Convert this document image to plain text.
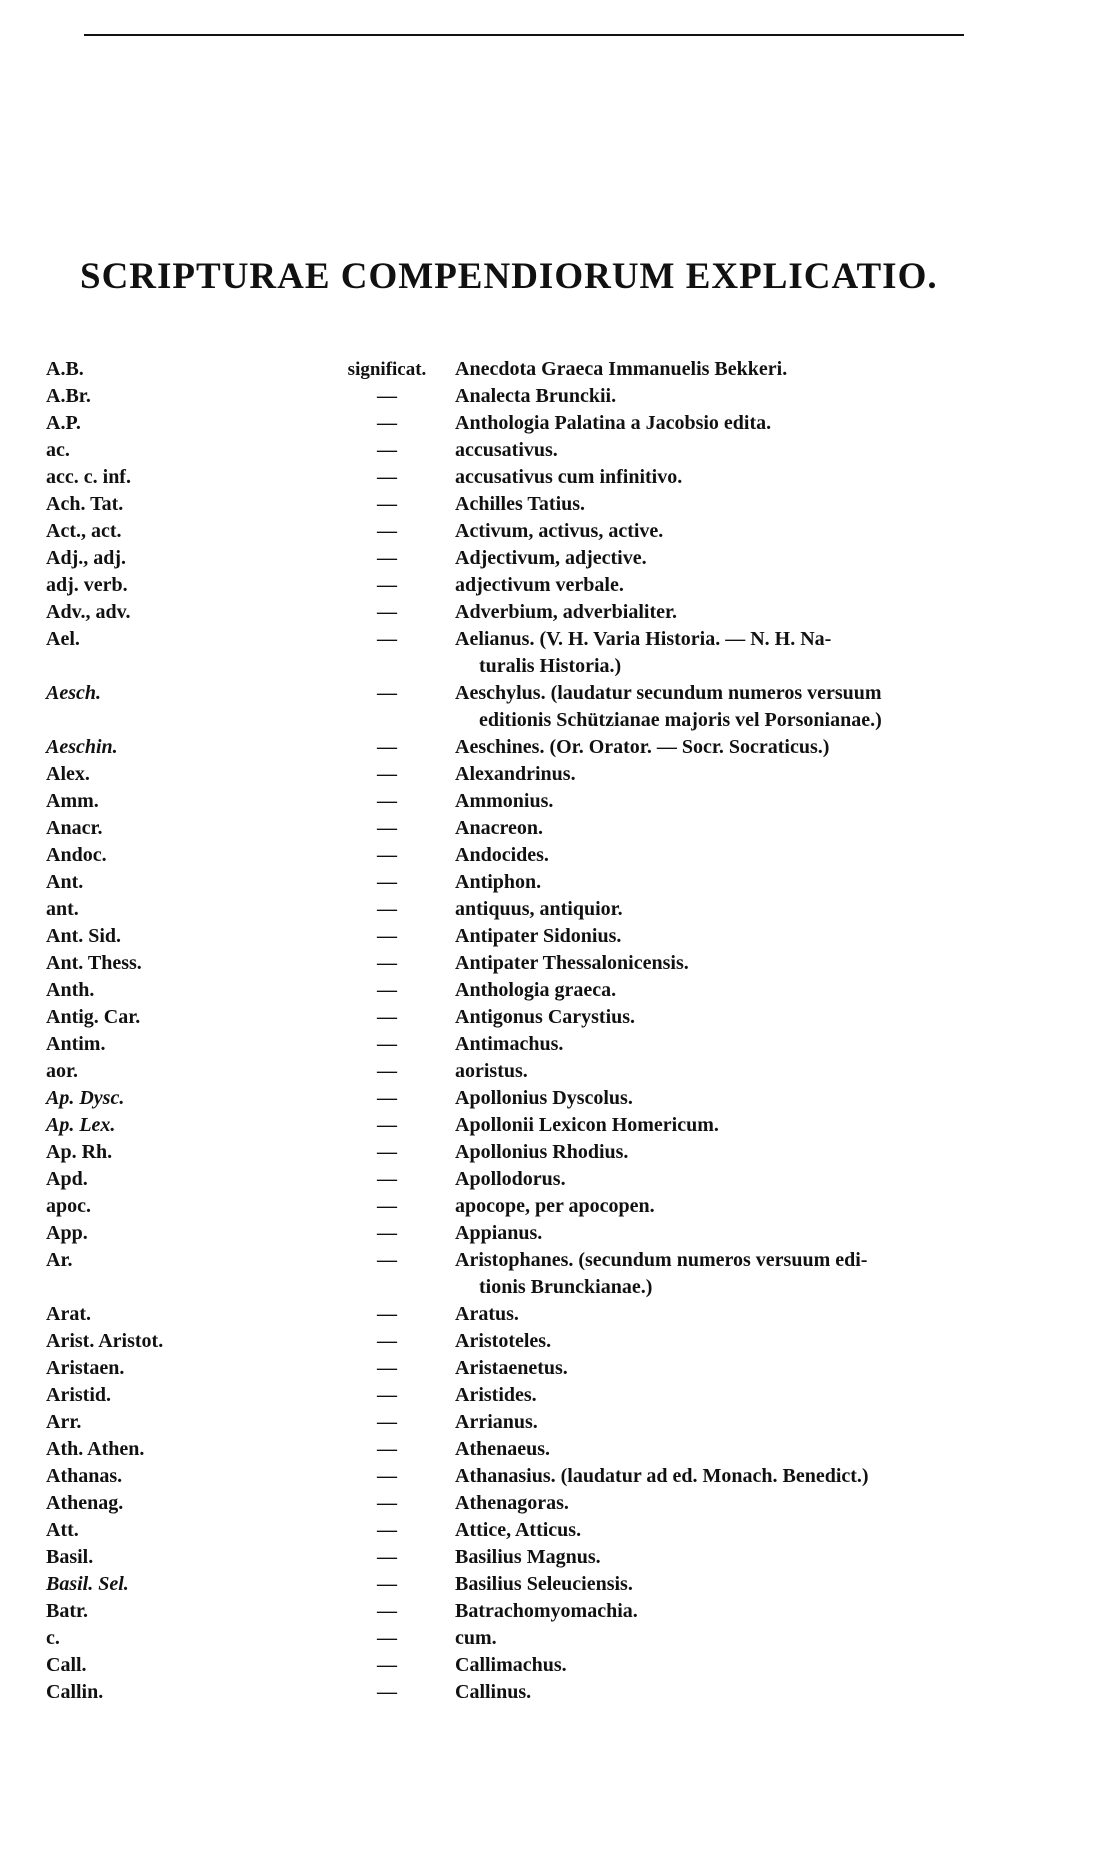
SCRIPTURAE COMPENDIORUM EXPLICATIO.
A.B.	significat.	Anecdota Graeca Immanuelis Bekkeri.
A.Br.	—	Analecta Brunckii.
A.P.	—	Anthologia Palatina a Jacobsio edita.
ac.	—	accusativus.
acc. c. inf.	—	accusativus cum infinitivo.
Ach. Tat.	—	Achilles Tatius.
Act., act.	—	Activum, activus, active.
Adj., adj.	—	Adjectivum, adjective.
adj. verb.	—	adjectivum verbale.
Adv., adv.	—	Adverbium, adverbialiter.
Ael.	—	Aelianus. (V. H. Varia Historia. — N. H. Na-
turalis Historia.)
Aesch.	—	Aeschylus. (laudatur secundum numeros versuum
editionis Schützianae majoris vel Porsonianae.)
Aeschin.	—	Aeschines. (Or. Orator. — Socr. Socraticus.)
Alex.	—	Alexandrinus.
Amm.	—	Ammonius.
Anacr.	—	Anacreon.
Andoc.	—	Andocides.
Ant.	—	Antiphon.
ant.	—	antiquus, antiquior.
Ant. Sid.	—	Antipater Sidonius.
Ant. Thess.	—	Antipater Thessalonicensis.
Anth.	—	Anthologia graeca.
Antig. Car.	—	Antigonus Carystius.
Antim.	—	Antimachus.
aor.	—	aoristus.
Ap. Dysc.	—	Apollonius Dyscolus.
Ap. Lex.	—	Apollonii Lexicon Homericum.
Ap. Rh.	—	Apollonius Rhodius.
Apd.	—	Apollodorus.
apoc.	—	apocope, per apocopen.
App.	—	Appianus.
Ar.	—	Aristophanes. (secundum numeros versuum edi-
tionis Brunckianae.)
Arat.	—	Aratus.
Arist. Aristot.	—	Aristoteles.
Aristaen.	—	Aristaenetus.
Aristid.	—	Aristides.
Arr.	—	Arrianus.
Ath. Athen.	—	Athenaeus.
Athanas.	—	Athanasius. (laudatur ad ed. Monach. Benedict.)
Athenag.	—	Athenagoras.
Att.	—	Attice, Atticus.
Basil.	—	Basilius Magnus.
Basil. Sel.	—	Basilius Seleuciensis.
Batr.	—	Batrachomyomachia.
c.	—	cum.
Call.	—	Callimachus.
Callin.	—	Callinus.
